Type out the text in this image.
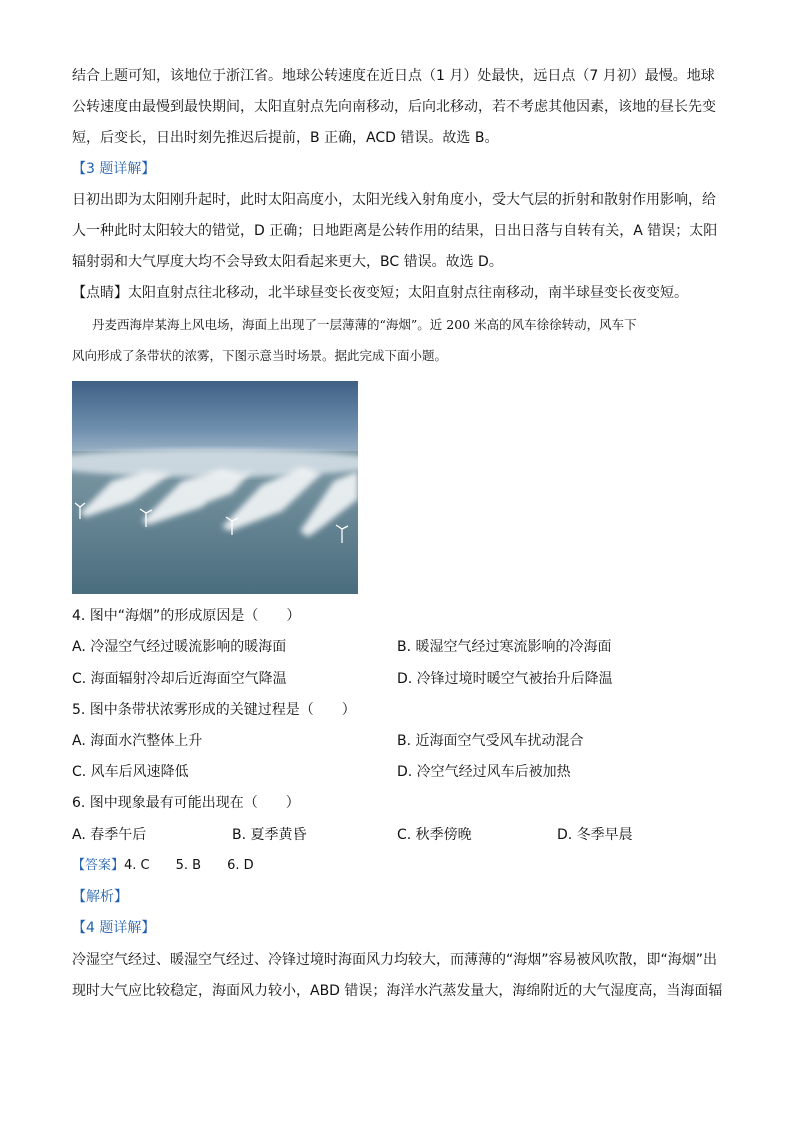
结合上题可知，该地位于浙江省。地球公转速度在近日点（1 月）处最快，远日点（7 月初）最慢。地球
公转速度由最慢到最快期间，太阳直射点先向南移动，后向北移动，若不考虑其他因素，该地的昼长先变
短，后变长，日出时刻先推迟后提前，B 正确，ACD 错误。故选 B。
【3 题详解】
日初出即为太阳刚升起时，此时太阳高度小，太阳光线入射角度小，受大气层的折射和散射作用影响，给
人一种此时太阳较大的错觉，D 正确；日地距离是公转作用的结果，日出日落与自转有关，A 错误；太阳
辐射弱和大气厚度大均不会导致太阳看起来更大，BC 错误。故选 D。
【点睛】太阳直射点往北移动，北半球昼变长夜变短；太阳直射点往南移动，南半球昼变长夜变短。
丹麦西海岸某海上风电场，海面上出现了一层薄薄的“海烟”。近 200 米高的风车徐徐转动，风车下
风向形成了条带状的浓雾，下图示意当时场景。据此完成下面小题。
4. 图中“海烟”的形成原因是（　　）
A. 冷湿空气经过暖流影响的暖海面	B. 暖湿空气经过寒流影响的冷海面
C. 海面辐射冷却后近海面空气降温	D. 冷锋过境时暖空气被抬升后降温
5. 图中条带状浓雾形成的关键过程是（　　）
A. 海面水汽整体上升	B. 近海面空气受风车扰动混合
C. 风车后风速降低	D. 冷空气经过风车后被加热
6. 图中现象最有可能出现在（　　）
A. 春季午后	B. 夏季黄昏	C. 秋季傍晚	D. 冬季早晨
【答案】4. C　　5. B　　6. D
【解析】
【4 题详解】
冷湿空气经过、暖湿空气经过、冷锋过境时海面风力均较大，而薄薄的“海烟”容易被风吹散，即“海烟”出
现时大气应比较稳定，海面风力较小，ABD 错误；海洋水汽蒸发量大，海绵附近的大气湿度高，当海面辐
